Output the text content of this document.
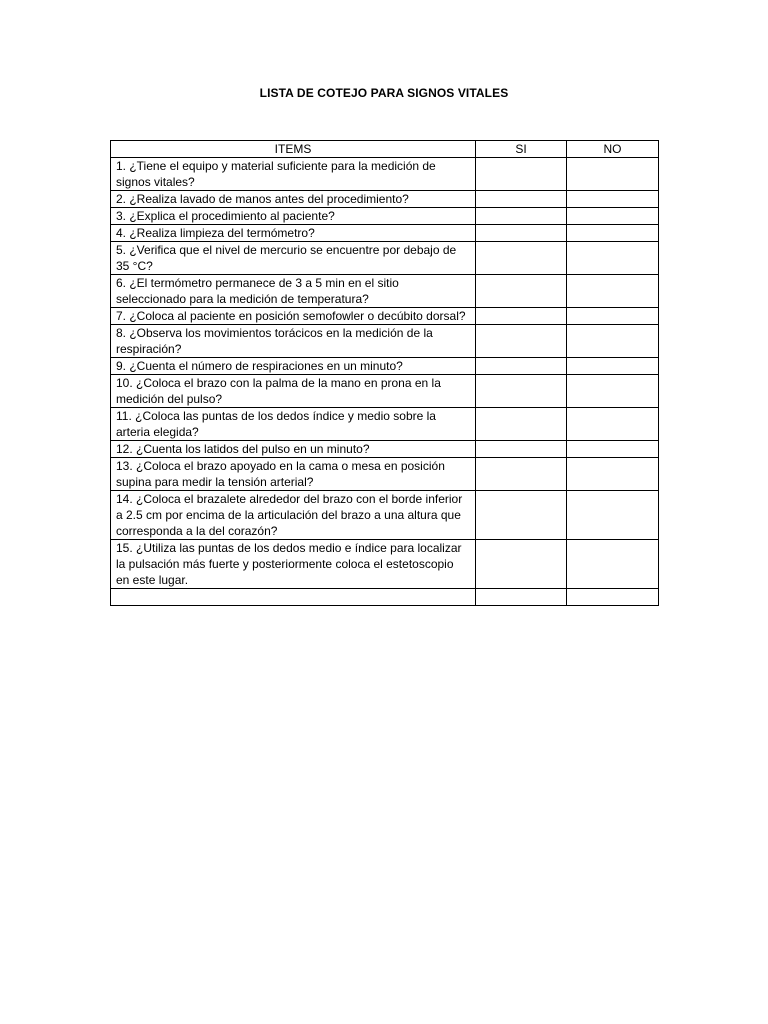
LISTA DE COTEJO PARA SIGNOS VITALES
ITEMS	SI	NO
1. ¿Tiene el equipo y material suficiente para la medición de signos vitales?		
2. ¿Realiza lavado de manos antes del procedimiento?		
3. ¿Explica el procedimiento al paciente?		
4. ¿Realiza limpieza del termómetro?		
5. ¿Verifica que el nivel de mercurio se encuentre por debajo de 35 °C?		
6. ¿El termómetro permanece de 3 a 5 min en el sitio seleccionado para la medición de temperatura?		
7. ¿Coloca al paciente en posición semofowler o decúbito dorsal?		
8. ¿Observa los movimientos torácicos en la medición de la respiración?		
9. ¿Cuenta el número de respiraciones en un minuto?		
10. ¿Coloca el brazo con la palma de la mano en prona en la medición del pulso?		
11. ¿Coloca las puntas de los dedos índice y medio sobre la arteria elegida?		
12. ¿Cuenta los latidos del pulso en un minuto?		
13. ¿Coloca el brazo apoyado en la cama o mesa en posición supina para medir la tensión arterial?		
14. ¿Coloca el brazalete alrededor del brazo con el borde inferior a 2.5 cm por encima de la articulación del brazo a una altura que corresponda a la del corazón?		
15. ¿Utiliza las puntas de los dedos medio e índice para localizar la pulsación más fuerte y posteriormente coloca el estetoscopio en este lugar.		
